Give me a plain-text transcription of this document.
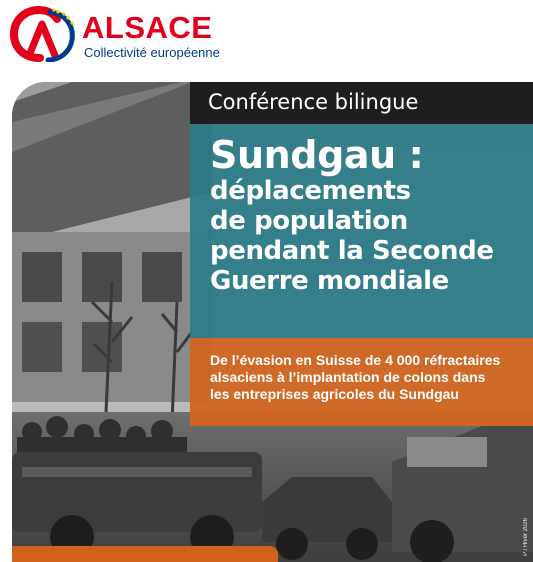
ALSACE
Collectivité européenne
P / Hiver 2026
Conférence bilingue
Sundgau :
déplacements
de population
pendant la Seconde
Guerre mondiale
De l’évasion en Suisse de 4 000 réfractaires
alsaciens à l’implantation de colons dans
les entreprises agricoles du Sundgau
